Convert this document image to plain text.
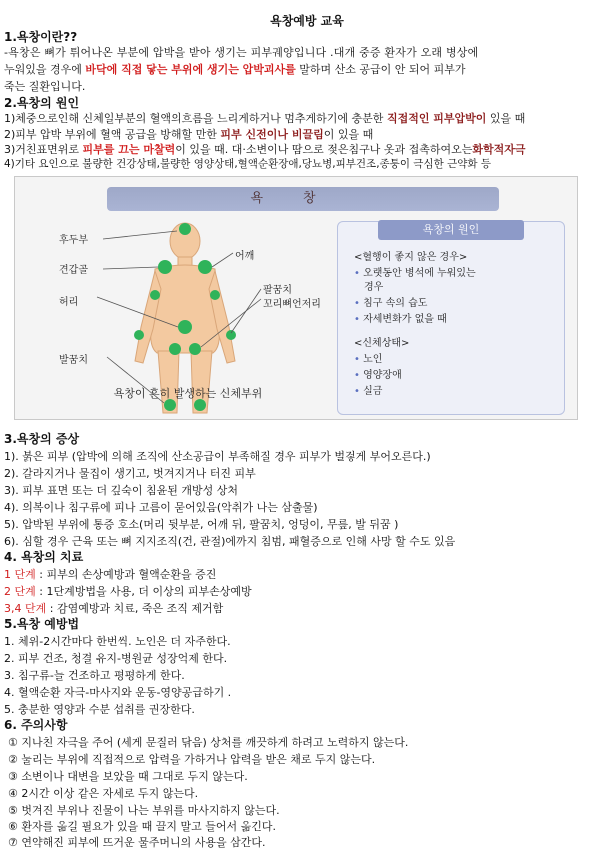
욕창예방 교육
1.욕창이란??
-욕창은 뼈가 튀어나온 부분에 압박을 받아 생기는 피부궤양입니다 .대개 중증 환자가 오래 병상에
누워있을 경우에 바닥에 직접 닿는 부위에 생기는 압박괴사를 말하며 산소 공급이 안 되어 피부가
죽는 질환입니다.
2.욕창의 원인
1)체중으로인해 신체일부분의 혈액의흐름을 느리게하거나 멈추게하기에 충분한 직접적인 피부압박이 있을 때
2)피부 압박 부위에 혈액 공급을 방해할 만한 피부 신전이나 비끌림이 있을 때
3)거친표면위로 피부를 끄는 마찰력이 있을 때. 대·소변이나 땀으로 젖은침구나 옷과 접촉하여오는화학적자극
4)기타 요인으로 불량한 건강상태,불량한 영양상태,혈액순환장애,당뇨병,피부건조,종퉁이 극심한 근약화 등
욕창
후두부
견갑골
허리
발꿈치
어깨
팔꿈치
꼬리뼈언저리
욕창이 흔히 발생하는 신체부위
욕창의 원인
<혈행이 좋지 않은 경우>
• 오랫동안 병석에 누워있는
경우
• 침구 속의 습도
• 자세변화가 없을 때
<신체상태>
• 노인
• 영양장애
• 실금
3.욕창의 증상
1). 붉은 피부 (압박에 의해 조직에 산소공급이 부족해질 경우 피부가 벌겋게 부어오른다.)
2). 갈라지거나 물집이 생기고, 벗겨지거나 터진 피부
3). 피부 표면 또는 더 깊숙이 침윤된 개방성 상처
4). 의복이나 침구류에 피나 고름이 묻어있음(악취가 나는 삼출물)
5). 압박된 부위에 통증 호소(머리 뒷부분, 어깨 뒤, 팔꿈치, 엉덩이, 무릎, 발 뒤꿈 )
6). 심할 경우 근육 또는 뼈 지지조직(건, 관절)에까지 침범, 패혈증으로 인해 사망 할 수도 있음
4. 욕창의 치료
1 단계 : 피부의 손상예방과 혈액순환을 증진
2 단계 : 1단계방법을 사용, 더 이상의 피부손상예방
3,4 단계 : 감염예방과 치료, 죽은 조직 제거함
5.욕창 예방법
1. 체위-2시간마다 한번씩. 노인은 더 자주한다.
2. 피부 건조, 청결 유지-병원균 성장억제 한다.
3. 침구류-늘 건조하고 평평하게 한다.
4. 혈액순환 자극-마사지와 운동-영양공급하기 .
5. 충분한 영양과 수분 섭취를 권장한다.
6. 주의사항
① 지나친 자극을 주어 (세게 문질러 닦음) 상처를 깨끗하게 하려고 노력하지 않는다.
② 눌리는 부위에 직접적으로 압력을 가하거나 압력을 받은 채로 두지 않는다.
③ 소변이나 대변을 보았을 때 그대로 두지 않는다.
④ 2시간 이상 같은 자세로 두지 않는다.
⑤ 벗겨진 부위나 진물이 나는 부위를 마사지하지 않는다.
⑥ 환자를 옮길 필요가 있을 때 끌지 말고 들어서 옮긴다.
⑦ 연약해진 피부에 뜨거운 물주머니의 사용을 삼간다.
